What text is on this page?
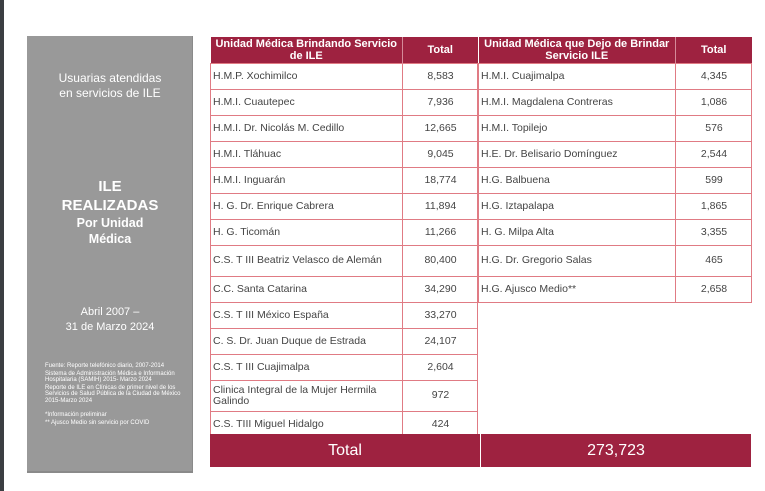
Usuarias atendidas
en servicios de ILE
ILE
REALIZADAS
Por Unidad
Médica
Abril 2007 –
31 de Marzo 2024
Fuente: Reporte telefónico diario, 2007-2014
Sistema de Administración Médica e Información Hospitalaria (SAMIH) 2015- Marzo 2024
Reporte de ILE en Clínicas de primer nivel de los Servicios de Salud Pública de la Ciudad de México 2015-Marzo 2024
*Información preliminar
** Ajusco Medio sin servicio por COVID
Unidad Médica Brindando Servicio de ILE	Total
H.M.P. Xochimilco	8,583
H.M.I. Cuautepec	7,936
H.M.I. Dr. Nicolás M. Cedillo	12,665
H.M.I. Tláhuac	9,045
H.M.I. Inguarán	18,774
H. G. Dr. Enrique Cabrera	11,894
H. G. Ticomán	11,266
C.S. T III Beatriz Velasco de Alemán	80,400
C.C. Santa Catarina	34,290
C.S. T III México España	33,270
C. S. Dr. Juan Duque de Estrada	24,107
C.S. T III Cuajimalpa	2,604
Clinica Integral de la Mujer Hermila Galindo	972
C.S. TIII Miguel Hidalgo	424
Unidad Médica que Dejo de Brindar Servicio ILE	Total
H.M.I. Cuajimalpa	4,345
H.M.I. Magdalena Contreras	1,086
H.M.I. Topilejo	576
H.E. Dr. Belisario Domínguez	2,544
H.G. Balbuena	599
H.G. Iztapalapa	1,865
H. G. Milpa Alta	3,355
H.G. Dr. Gregorio Salas	465
H.G. Ajusco Medio**	2,658
Total	273,723
